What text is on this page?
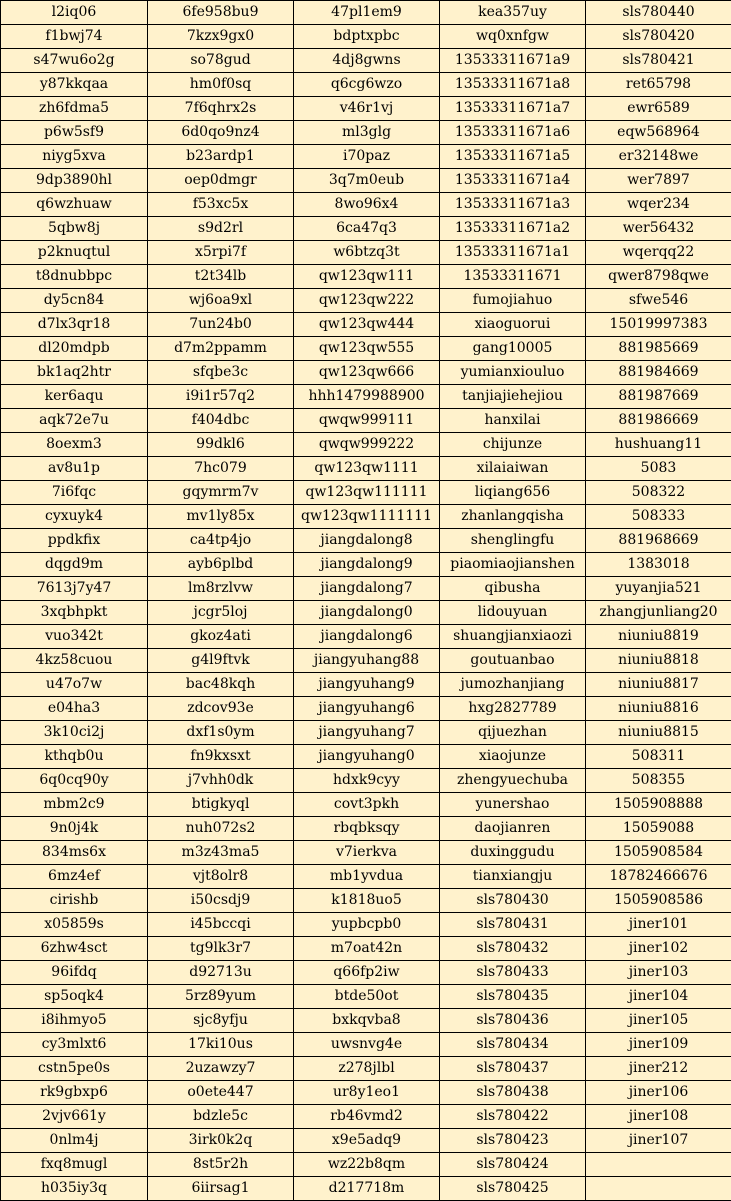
l2iq06	6fe958bu9	47pl1em9	kea357uy	sls780440
f1bwj74	7kzx9gx0	bdptxpbc	wq0xnfgw	sls780420
s47wu6o2g	so78gud	4dj8gwns	13533311671a9	sls780421
y87kkqaa	hm0f0sq	q6cg6wzo	13533311671a8	ret65798
zh6fdma5	7f6qhrx2s	v46r1vj	13533311671a7	ewr6589
p6w5sf9	6d0qo9nz4	ml3glg	13533311671a6	eqw568964
niyg5xva	b23ardp1	i70paz	13533311671a5	er32148we
9dp3890hl	oep0dmgr	3q7m0eub	13533311671a4	wer7897
q6wzhuaw	f53xc5x	8wo96x4	13533311671a3	wqer234
5qbw8j	s9d2rl	6ca47q3	13533311671a2	wer56432
p2knuqtul	x5rpi7f	w6btzq3t	13533311671a1	wqerqq22
t8dnubbpc	t2t34lb	qw123qw111	13533311671	qwer8798qwe
dy5cn84	wj6oa9xl	qw123qw222	fumojiahuo	sfwe546
d7lx3qr18	7un24b0	qw123qw444	xiaoguorui	15019997383
dl20mdpb	d7m2ppamm	qw123qw555	gang10005	881985669
bk1aq2htr	sfqbe3c	qw123qw666	yumianxiouluo	881984669
ker6aqu	i9i1r57q2	hhh1479988900	tanjiajiehejiou	881987669
aqk72e7u	f404dbc	qwqw999111	hanxilai	881986669
8oexm3	99dkl6	qwqw999222	chijunze	hushuang11
av8u1p	7hc079	qw123qw1111	xilaiaiwan	5083
7i6fqc	gqymrm7v	qw123qw111111	liqiang656	508322
cyxuyk4	mv1ly85x	qw123qw1111111	zhanlangqisha	508333
ppdkfix	ca4tp4jo	jiangdalong8	shenglingfu	881968669
dqgd9m	ayb6plbd	jiangdalong9	piaomiaojianshen	1383018
7613j7y47	lm8rzlvw	jiangdalong7	qibusha	yuyanjia521
3xqbhpkt	jcgr5loj	jiangdalong0	lidouyuan	zhangjunliang20
vuo342t	gkoz4ati	jiangdalong6	shuangjianxiaozi	niuniu8819
4kz58cuou	g4l9ftvk	jiangyuhang88	goutuanbao	niuniu8818
u47o7w	bac48kqh	jiangyuhang9	jumozhanjiang	niuniu8817
e04ha3	zdcov93e	jiangyuhang6	hxg2827789	niuniu8816
3k10ci2j	dxf1s0ym	jiangyuhang7	qijuezhan	niuniu8815
kthqb0u	fn9kxsxt	jiangyuhang0	xiaojunze	508311
6q0cq90y	j7vhh0dk	hdxk9cyy	zhengyuechuba	508355
mbm2c9	btigkyql	covt3pkh	yunershao	1505908888
9n0j4k	nuh072s2	rbqbksqy	daojianren	15059088
834ms6x	m3z43ma5	v7ierkva	duxinggudu	1505908584
6mz4ef	vjt8olr8	mb1yvdua	tianxiangju	18782466676
cirishb	i50csdj9	k1818uo5	sls780430	1505908586
x05859s	i45bccqi	yupbcpb0	sls780431	jiner101
6zhw4sct	tg9lk3r7	m7oat42n	sls780432	jiner102
96ifdq	d92713u	q66fp2iw	sls780433	jiner103
sp5oqk4	5rz89yum	btde50ot	sls780435	jiner104
i8ihmyo5	sjc8yfju	bxkqvba8	sls780436	jiner105
cy3mlxt6	17ki10us	uwsnvg4e	sls780434	jiner109
cstn5pe0s	2uzawzy7	z278jlbl	sls780437	jiner212
rk9gbxp6	o0ete447	ur8y1eo1	sls780438	jiner106
2vjv661y	bdzle5c	rb46vmd2	sls780422	jiner108
0nlm4j	3irk0k2q	x9e5adq9	sls780423	jiner107
fxq8mugl	8st5r2h	wz22b8qm	sls780424	
h035iy3q	6iirsag1	d217718m	sls780425	
